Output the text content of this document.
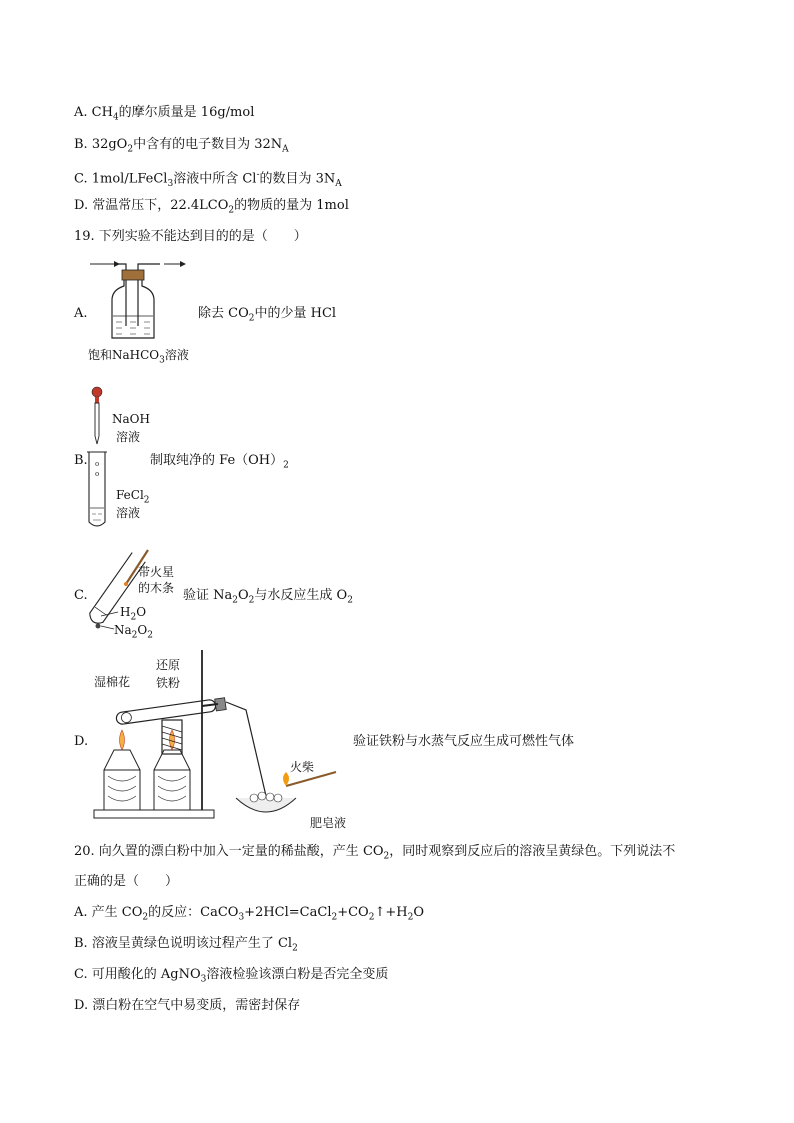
A. $CH_4$的摩尔质量是 16g/mol
B. $32gO_2$中含有的电子数目为 $32N_A$
C. 1mol/LFeCl$_3$溶液中所含 Cl-的数目为 $3N_A$
D. 常温常压下，$22.4LCO_2$的物质的量为 1mol
19. 下列实验不能达到目的的是（　　）
A.
饱和NaHCO$_3$溶液
除去 $CO_2$中的少量 HCl
B. o
o
NaOH
溶液
FeCl$_2$
溶液
制取纯净的 $Fe(OH)_2$
C.
带火星
的木条
$H_2O$
$Na_2O_2$
验证 $Na_2O_2$与水反应生成 $O_2$
D.
湿棉花
还原
铁粉
火柴
肥皂液
验证铁粉与水蒸气反应生成可燃性气体
20. 向久置的漂白粉中加入一定量的稀盐酸，产生 $CO_2$，同时观察到反应后的溶液呈黄绿色。下列说法不
正确的是（　　）
A. 产生 $CO_2$的反应：$CaCO_3+2HCl=CaCl_2+CO_2↑+H_2O$
B. 溶液呈黄绿色说明该过程产生了 $Cl_2$
C. 可用酸化的 AgNO$_3$溶液检验该漂白粉是否完全变质
D. 漂白粉在空气中易变质，需密封保存
